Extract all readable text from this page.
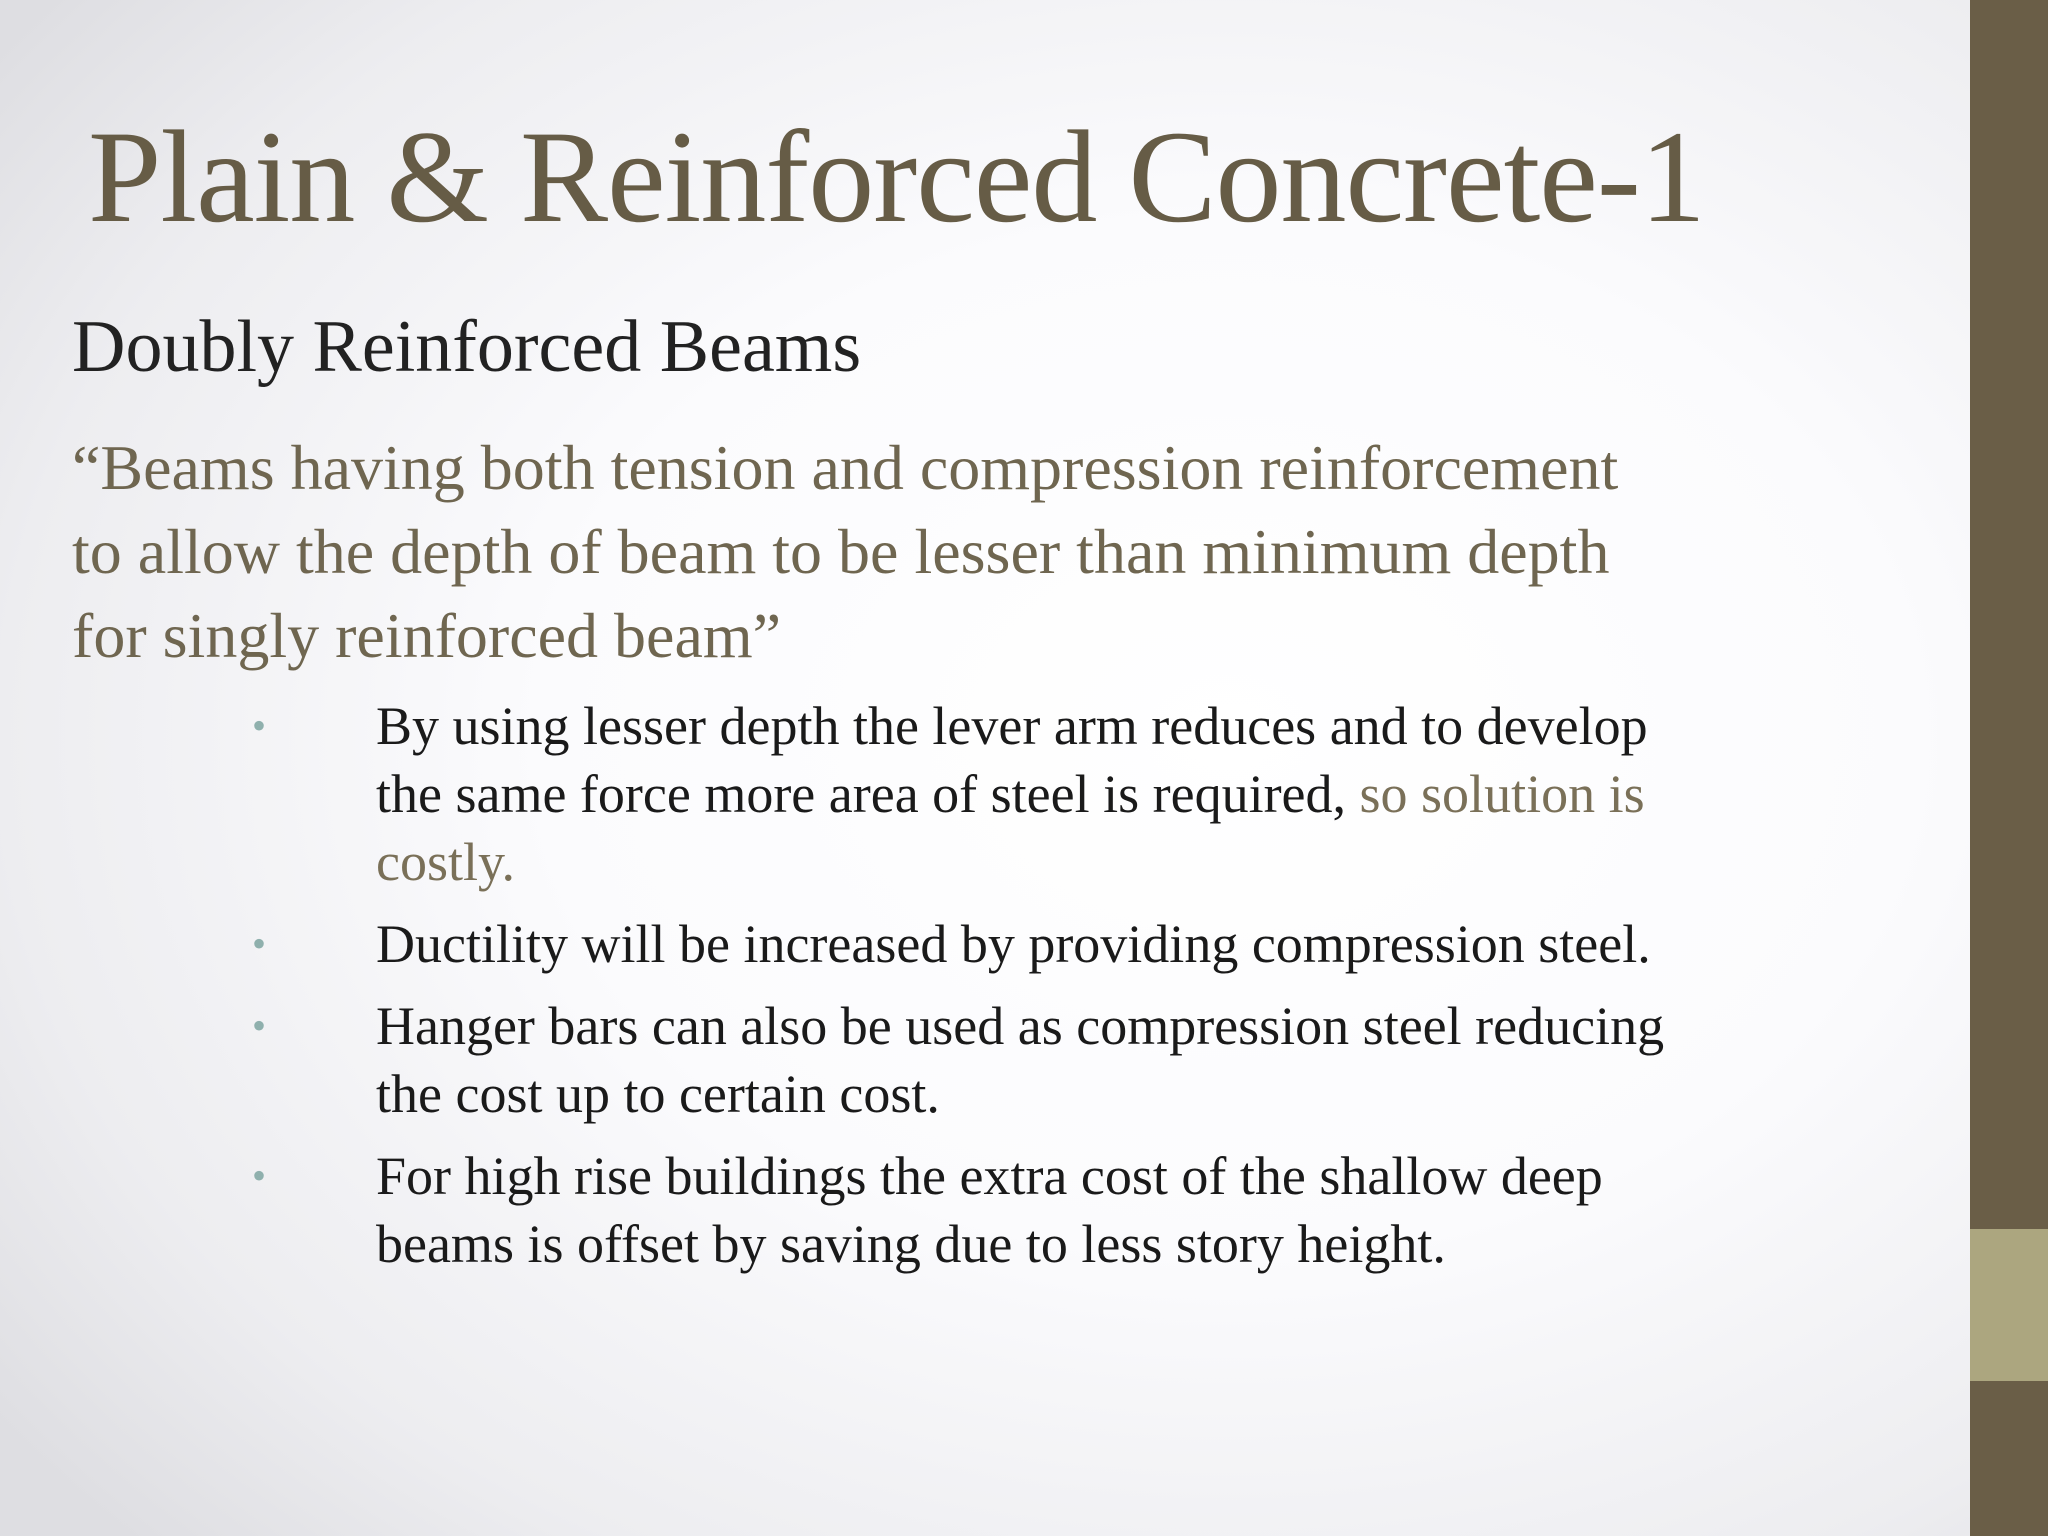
Plain & Reinforced Concrete-1
Doubly Reinforced Beams

“Beams having both tension and compression reinforcement
to allow the depth of beam to be lesser than minimum depth
for singly reinforced beam”

• By using lesser depth the lever arm reduces and to develop
the same force more area of steel is required, so solution is
costly.
• Ductility will be increased by providing compression steel.
• Hanger bars can also be used as compression steel reducing
the cost up to certain cost.
• For high rise buildings the extra cost of the shallow deep
beams is offset by saving due to less story height.
